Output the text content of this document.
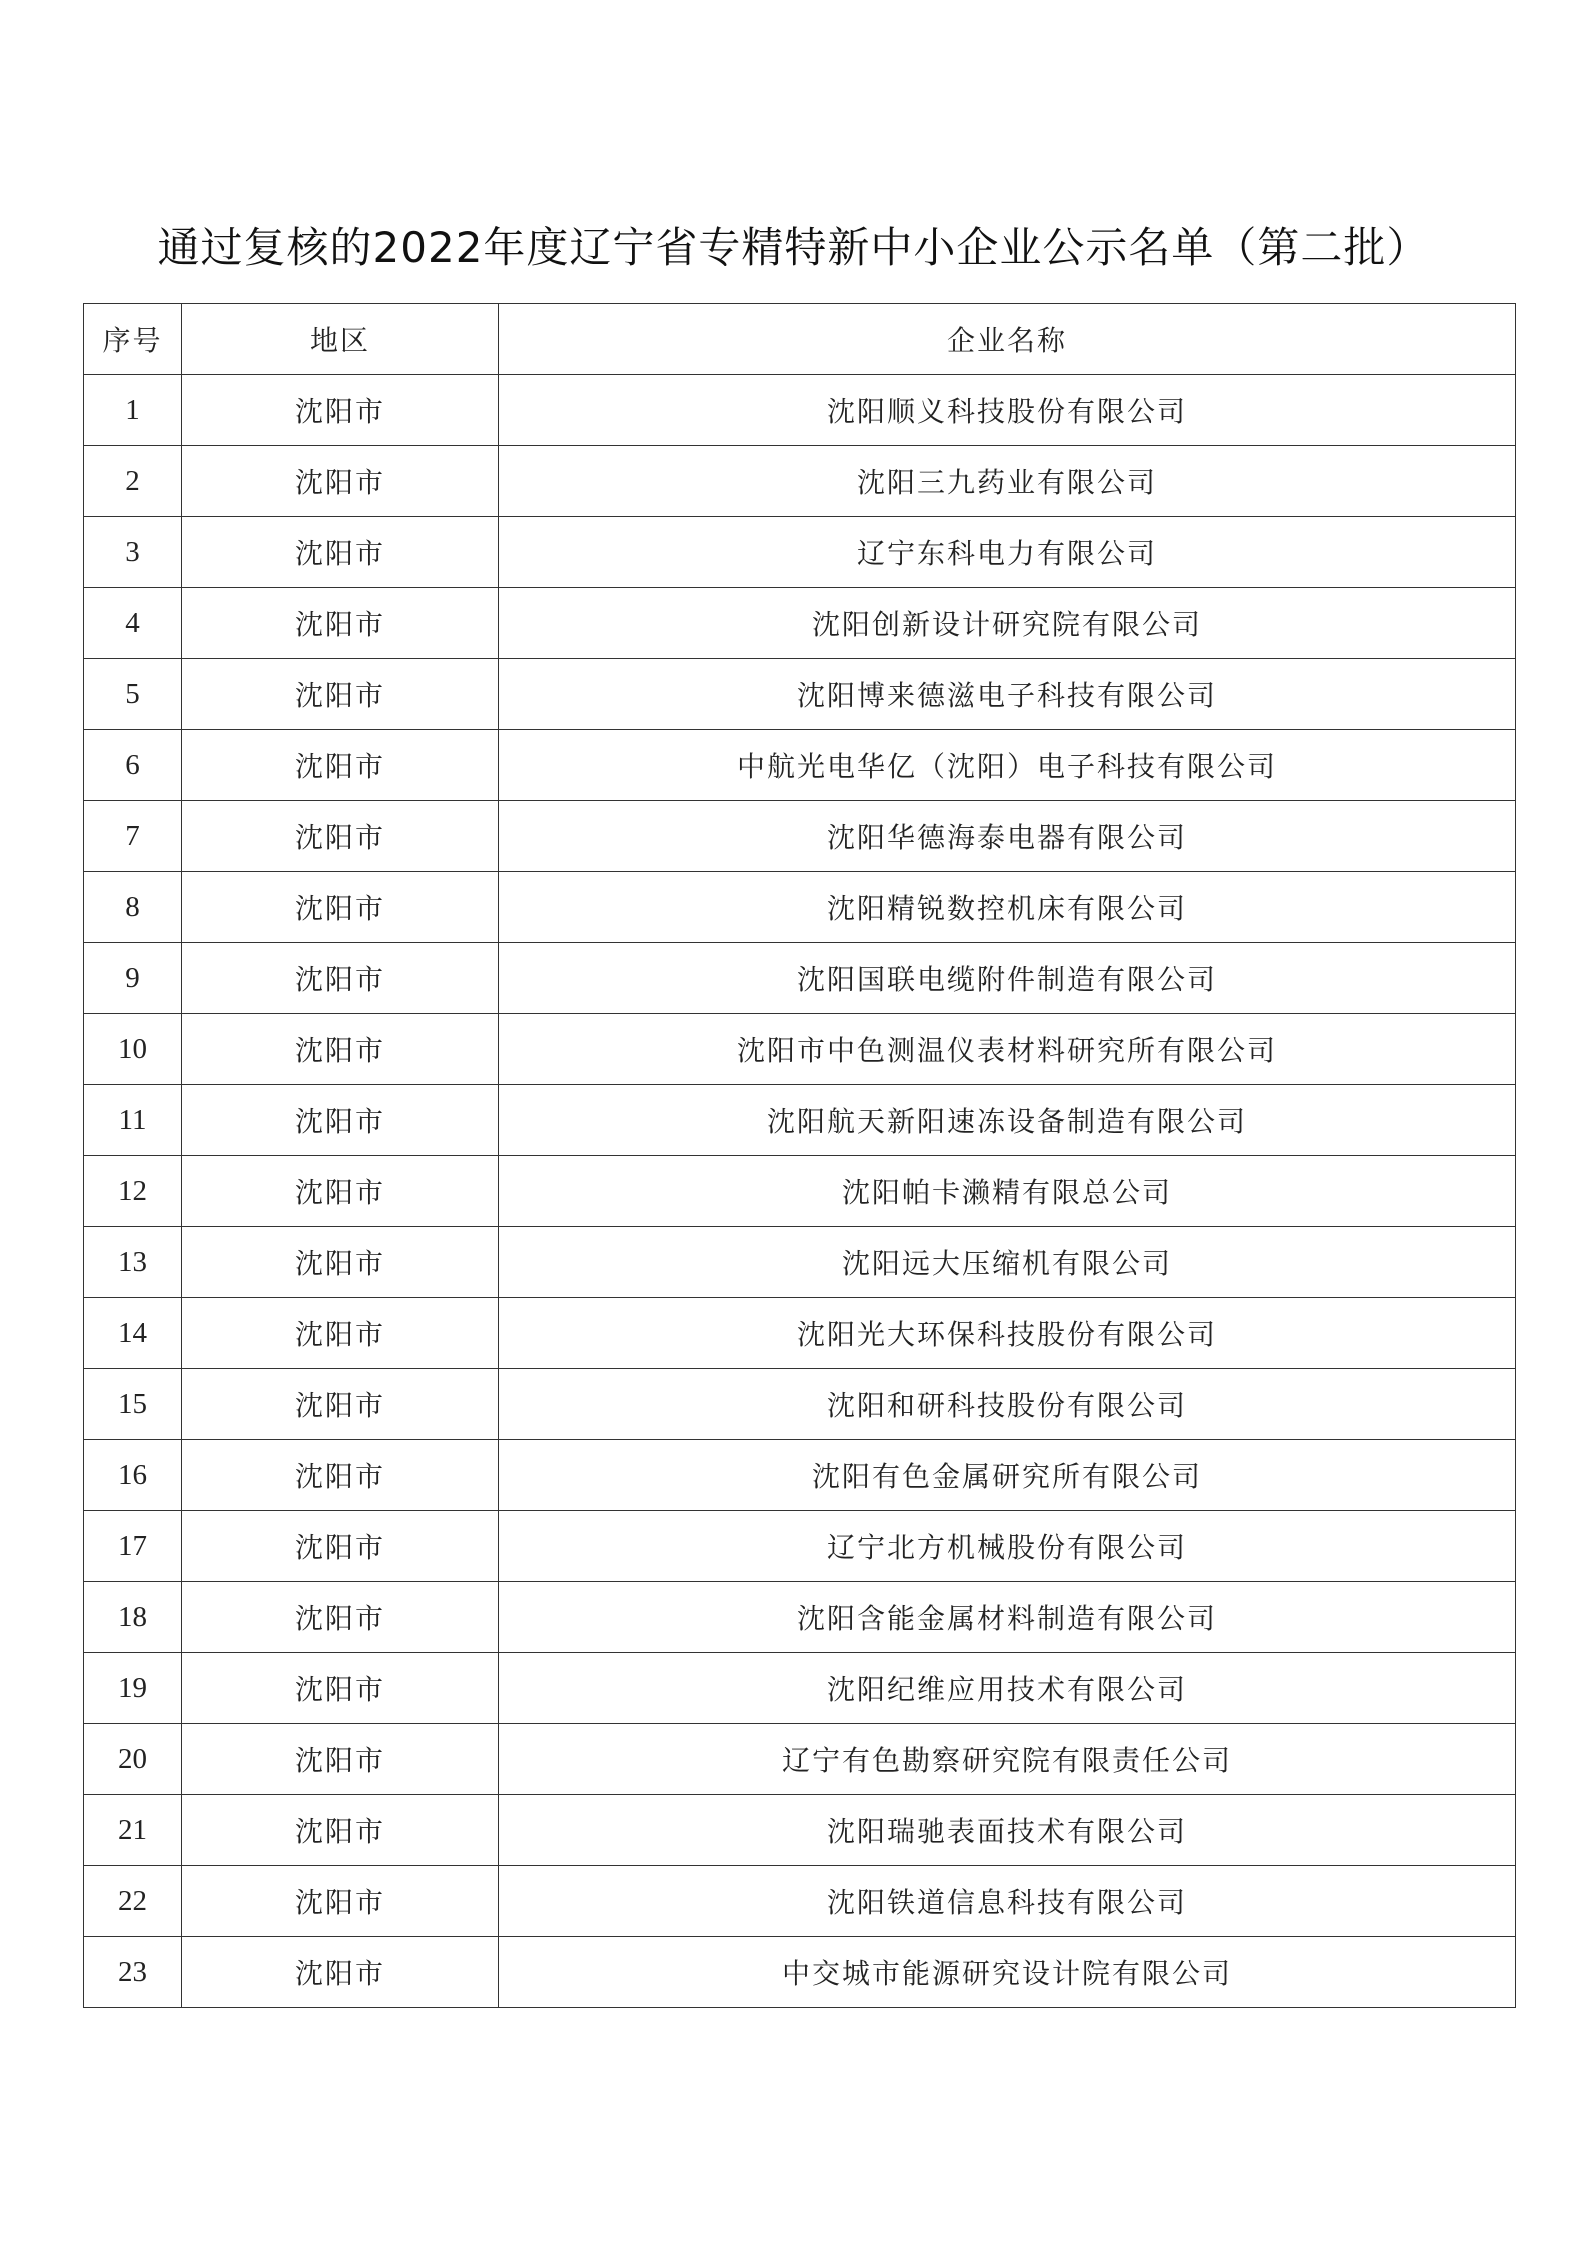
通过复核的2022年度辽宁省专精特新中小企业公示名单（第二批）
序号	地区	企业名称
1	沈阳市	沈阳顺义科技股份有限公司
2	沈阳市	沈阳三九药业有限公司
3	沈阳市	辽宁东科电力有限公司
4	沈阳市	沈阳创新设计研究院有限公司
5	沈阳市	沈阳博来德滋电子科技有限公司
6	沈阳市	中航光电华亿（沈阳）电子科技有限公司
7	沈阳市	沈阳华德海泰电器有限公司
8	沈阳市	沈阳精锐数控机床有限公司
9	沈阳市	沈阳国联电缆附件制造有限公司
10	沈阳市	沈阳市中色测温仪表材料研究所有限公司
11	沈阳市	沈阳航天新阳速冻设备制造有限公司
12	沈阳市	沈阳帕卡濑精有限总公司
13	沈阳市	沈阳远大压缩机有限公司
14	沈阳市	沈阳光大环保科技股份有限公司
15	沈阳市	沈阳和研科技股份有限公司
16	沈阳市	沈阳有色金属研究所有限公司
17	沈阳市	辽宁北方机械股份有限公司
18	沈阳市	沈阳含能金属材料制造有限公司
19	沈阳市	沈阳纪维应用技术有限公司
20	沈阳市	辽宁有色勘察研究院有限责任公司
21	沈阳市	沈阳瑞驰表面技术有限公司
22	沈阳市	沈阳铁道信息科技有限公司
23	沈阳市	中交城市能源研究设计院有限公司
